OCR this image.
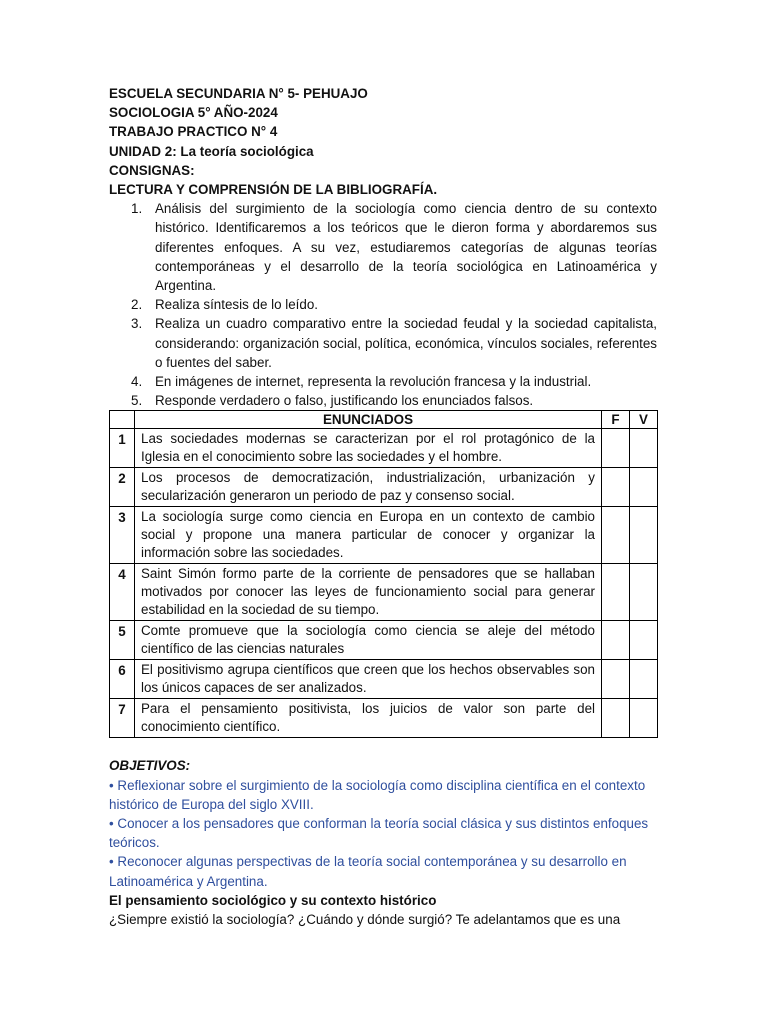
ESCUELA SECUNDARIA N° 5- PEHUAJO
SOCIOLOGIA 5° AÑO-2024
TRABAJO PRACTICO N° 4
UNIDAD 2: La teoría sociológica
CONSIGNAS:
LECTURA Y COMPRENSIÓN DE LA BIBLIOGRAFÍA.
1. Análisis del surgimiento de la sociología como ciencia dentro de su contexto histórico. Identificaremos a los teóricos que le dieron forma y abordaremos sus diferentes enfoques. A su vez, estudiaremos categorías de algunas teorías contemporáneas y el desarrollo de la teoría sociológica en Latinoamérica y Argentina.
2. Realiza síntesis de lo leído.
3. Realiza un cuadro comparativo entre la sociedad feudal y la sociedad capitalista, considerando: organización social, política, económica, vínculos sociales, referentes o fuentes del saber.
4. En imágenes de internet, representa la revolución francesa y la industrial.
5. Responde verdadero o falso, justificando los enunciados falsos.
	ENUNCIADOS	F	V
1	Las sociedades modernas se caracterizan por el rol protagónico de la Iglesia en el conocimiento sobre las sociedades y el hombre.		
2	Los procesos de democratización, industrialización, urbanización y secularización generaron un periodo de paz y consenso social.		
3	La sociología surge como ciencia en Europa en un contexto de cambio social y propone una manera particular de conocer y organizar la información sobre las sociedades.		
4	Saint Simón formo parte de la corriente de pensadores que se hallaban motivados por conocer las leyes de funcionamiento social para generar estabilidad en la sociedad de su tiempo.		
5	Comte promueve que la sociología como ciencia se aleje del método científico de las ciencias naturales		
6	El positivismo agrupa científicos que creen que los hechos observables son los únicos capaces de ser analizados.		
7	Para el pensamiento positivista, los juicios de valor son parte del conocimiento científico.		
OBJETIVOS:
• Reflexionar sobre el surgimiento de la sociología como disciplina científica en el contexto histórico de Europa del siglo XVIII.
• Conocer a los pensadores que conforman la teoría social clásica y sus distintos enfoques teóricos.
• Reconocer algunas perspectivas de la teoría social contemporánea y su desarrollo en Latinoamérica y Argentina.
El pensamiento sociológico y su contexto histórico
¿Siempre existió la sociología? ¿Cuándo y dónde surgió? Te adelantamos que es una
